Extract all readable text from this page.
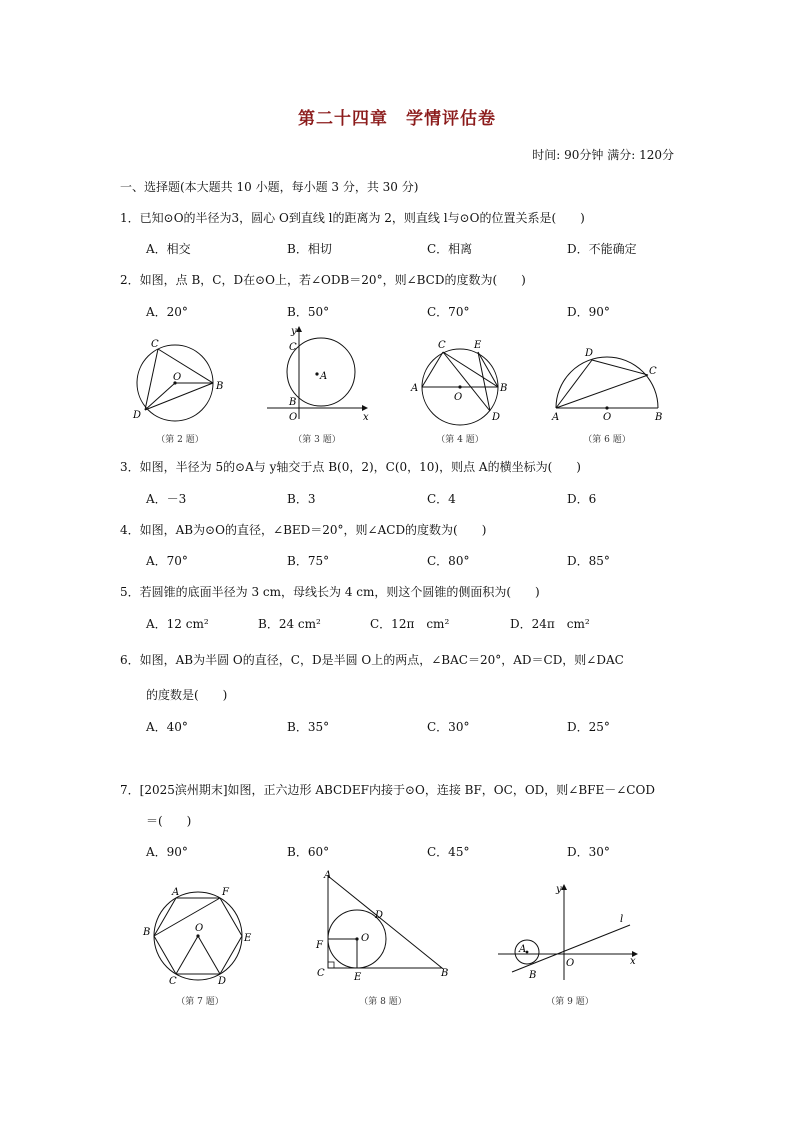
第二十四章　学情评估卷
时间: 90分钟 满分: 120分
一、选择题(本大题共 10 小题，每小题 3 分，共 30 分)
1．已知⊙O的半径为3，圆心 O到直线 l的距离为 2，则直线 l与⊙O的位置关系是(　　)
A．相交	B．相切	C．相离	D．不能确定
2．如图，点 B，C，D在⊙O上，若∠ODB＝20°，则∠BCD的度数为(　　)
A．20°	B．50°	C．70°	D．90°
C
O
B
D
y
C
A
B
O	x
C	E
A	B
O
D
D
C
A	O	B
（第 2 题）	（第 3 题）	（第 4 题）	（第 6 题）
3．如图，半径为 5的⊙A与 y轴交于点 B(0，2)，C(0，10)，则点 A的横坐标为(　　)
A．－3	B．3	C．4	D．6
4．如图，AB为⊙O的直径，∠BED＝20°，则∠ACD的度数为(　　)
A．70°	B．75°	C．80°	D．85°
5．若圆锥的底面半径为 3 cm，母线长为 4 cm，则这个圆锥的侧面积为(　　)
A．12 cm²	B．24 cm²	C．12π　cm²	D．24π　cm²
6．如图，AB为半圆 O的直径，C，D是半圆 O上的两点，∠BAC＝20°，AD＝CD，则∠DAC
的度数是(　　)
A．40°	B．35°	C．30°	D．25°
7．[2025滨州期末]如图，正六边形 ABCDEF内接于⊙O，连接 BF，OC，OD，则∠BFE－∠COD
＝(　　)
A．90°	B．60°	C．45°	D．30°
A	F
B	O
E
C	D
A
D
O
F
C	E	B
y
l
A
O	x
B
（第 7 题）	（第 8 题）	（第 9 题）
